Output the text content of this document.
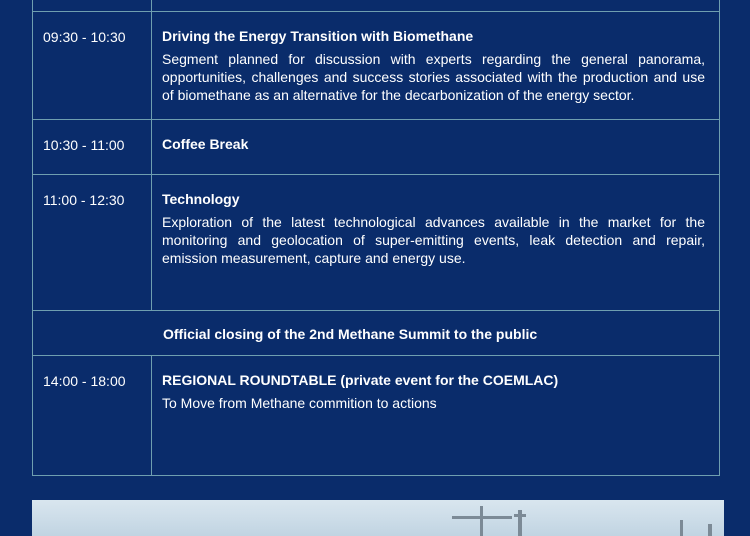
09:30 - 10:30	Driving the Energy Transition with Biomethane
Segment planned for discussion with experts regarding the general panorama, opportunities, challenges and success stories associated with the production and use of biomethane as an alternative for the decarbonization of the energy sector.
10:30 - 11:00	Coffee Break
11:00 - 12:30	Technology
Exploration of the latest technological advances available in the market for the monitoring and geolocation of super-emitting events, leak detection and repair, emission measurement, capture and energy use.
Official closing of the 2nd Methane Summit to the public
14:00 - 18:00	REGIONAL ROUNDTABLE (private event for the COEMLAC)
To Move from Methane commition to actions
